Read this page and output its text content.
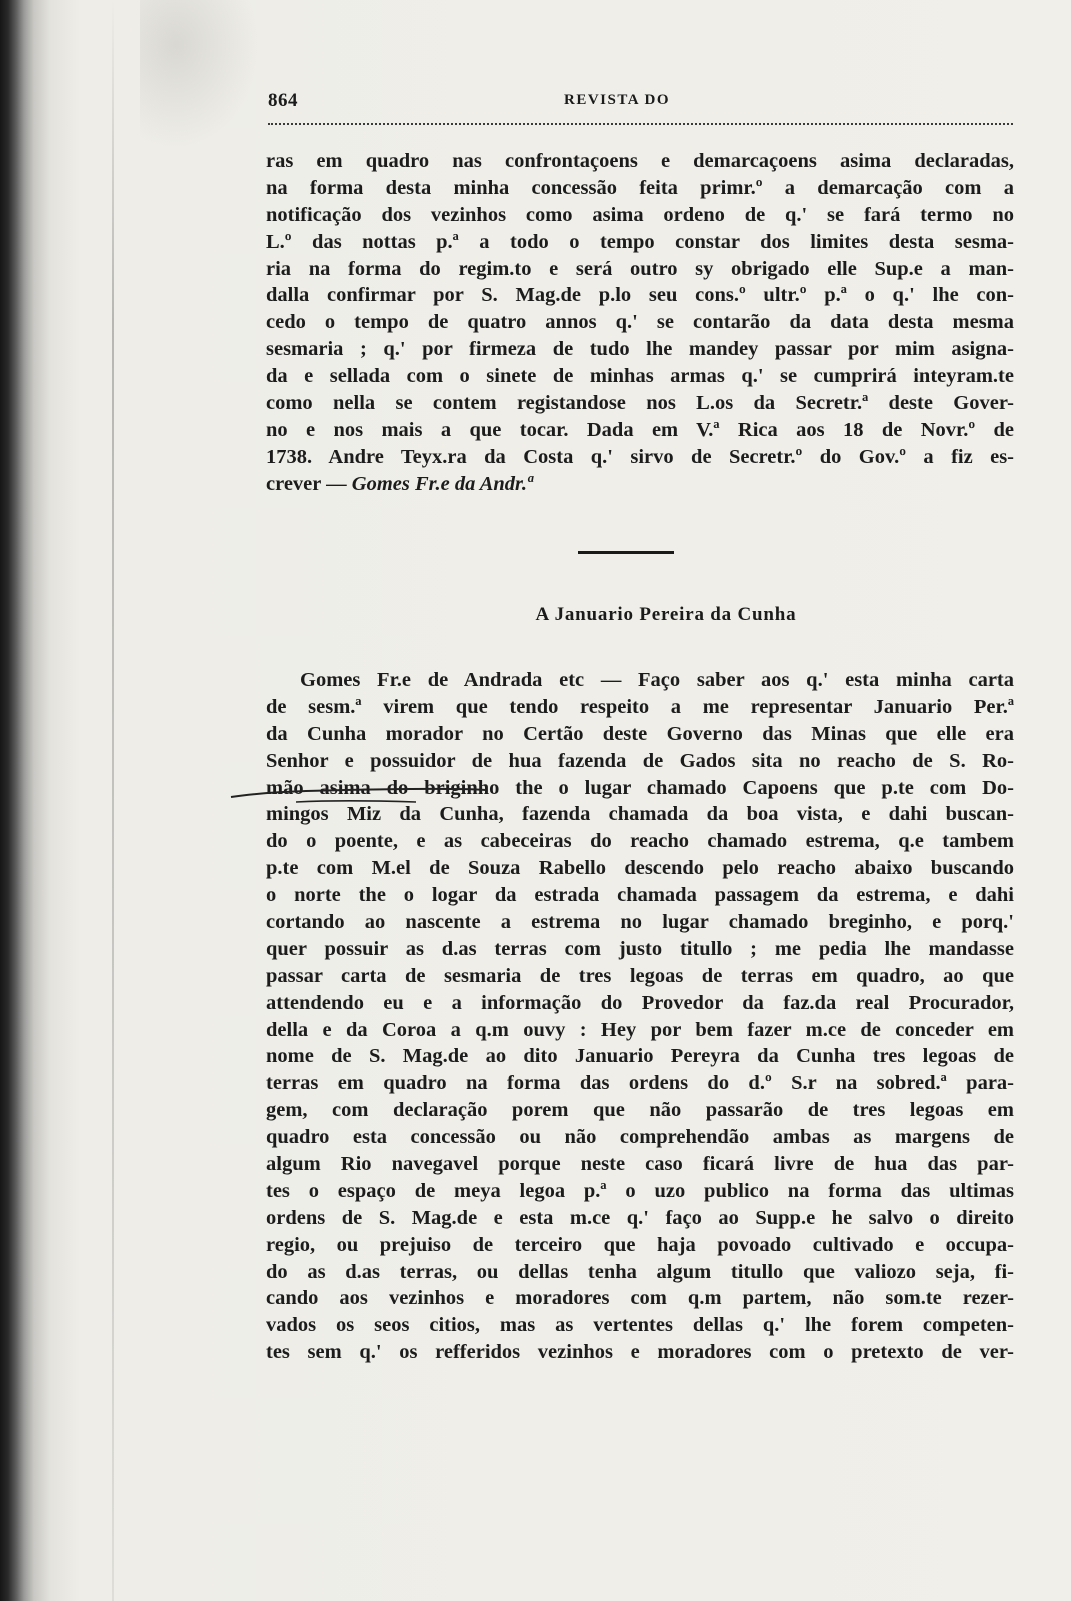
864	REVISTA DO
ras em quadro nas confrontaçoens e demarcaçoens asima declaradas,
na forma desta minha concessão feita primr.º a demarcação com a
notificação dos vezinhos como asima ordeno de q.' se fará termo no
L.º das nottas p.ª a todo o tempo constar dos limites desta sesma-
ria na forma do regim.to e será outro sy obrigado elle Sup.e a man-
dalla confirmar por S. Mag.de p.lo seu cons.º ultr.º p.ª o q.' lhe con-
cedo o tempo de quatro annos q.' se contarão da data desta mesma
sesmaria ; q.' por firmeza de tudo lhe mandey passar por mim asigna-
da e sellada com o sinete de minhas armas q.' se cumprirá inteyram.te
como nella se contem registandose nos L.os da Secretr.ª deste Gover-
no e nos mais a que tocar. Dada em V.ª Rica aos 18 de Novr.º de
1738. Andre Teyx.ra da Costa q.' sirvo de Secretr.º do Gov.º a fiz es-
crever — Gomes Fr.e da Andr.ª
A Januario Pereira da Cunha
Gomes Fr.e de Andrada etc — Faço saber aos q.' esta minha carta
de sesm.ª virem que tendo respeito a me representar Januario Per.ª
da Cunha morador no Certão deste Governo das Minas que elle era
Senhor e possuidor de hua fazenda de Gados sita no reacho de S. Ro-
mão asima do briginho the o lugar chamado Capoens que p.te com Do-
mingos Miz da Cunha, fazenda chamada da boa vista, e dahi buscan-
do o poente, e as cabeceiras do reacho chamado estrema, q.e tambem
p.te com M.el de Souza Rabello descendo pelo reacho abaixo buscando
o norte the o logar da estrada chamada passagem da estrema, e dahi
cortando ao nascente a estrema no lugar chamado breginho, e porq.'
quer possuir as d.as terras com justo titullo ; me pedia lhe mandasse
passar carta de sesmaria de tres legoas de terras em quadro, ao que
attendendo eu e a informação do Provedor da faz.da real Procurador,
della e da Coroa a q.m ouvy : Hey por bem fazer m.ce de conceder em
nome de S. Mag.de ao dito Januario Pereyra da Cunha tres legoas de
terras em quadro na forma das ordens do d.º S.r na sobred.ª para-
gem, com declaração porem que não passarão de tres legoas em
quadro esta concessão ou não comprehendão ambas as margens de
algum Rio navegavel porque neste caso ficará livre de hua das par-
tes o espaço de meya legoa p.ª o uzo publico na forma das ultimas
ordens de S. Mag.de e esta m.ce q.' faço ao Supp.e he salvo o direito
regio, ou prejuiso de terceiro que haja povoado cultivado e occupa-
do as d.as terras, ou dellas tenha algum titullo que valiozo seja, fi-
cando aos vezinhos e moradores com q.m partem, não som.te rezer-
vados os seos citios, mas as vertentes dellas q.' lhe forem competen-
tes sem q.' os refferidos vezinhos e moradores com o pretexto de ver-
